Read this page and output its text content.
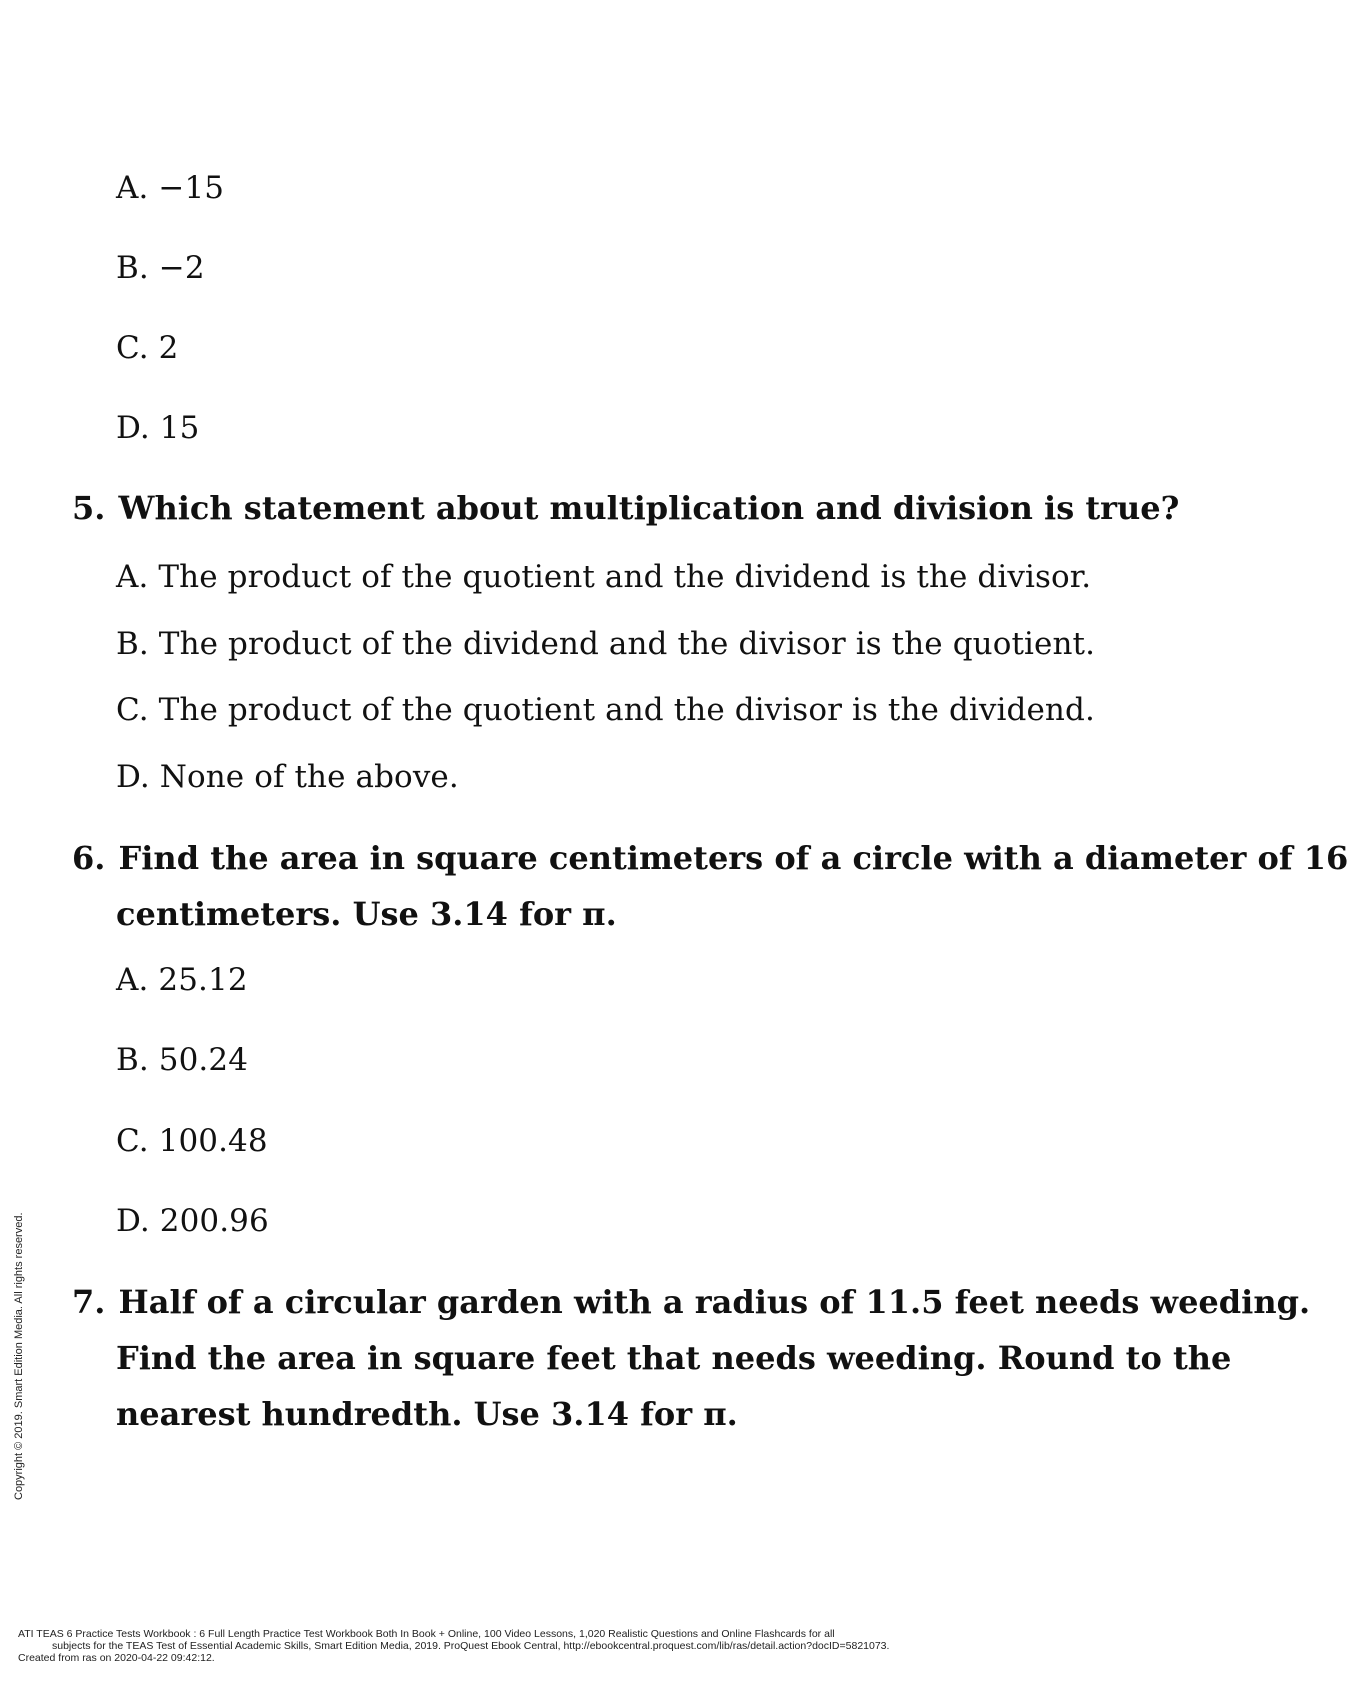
A. −15
B. −2
C. 2
D. 15
5. Which statement about multiplication and division is true?
A. The product of the quotient and the dividend is the divisor.
B. The product of the dividend and the divisor is the quotient.
C. The product of the quotient and the divisor is the dividend.
D. None of the above.
6. Find the area in square centimeters of a circle with a diameter of 16
centimeters. Use 3.14 for π.
A. 25.12
B. 50.24
C. 100.48
D. 200.96
7. Half of a circular garden with a radius of 11.5 feet needs weeding.
Find the area in square feet that needs weeding. Round to the
nearest hundredth. Use 3.14 for π.
Copyright © 2019. Smart Edition Media. All rights reserved.
ATI TEAS 6 Practice Tests Workbook : 6 Full Length Practice Test Workbook Both In Book + Online, 100 Video Lessons, 1,020 Realistic Questions and Online Flashcards for all
subjects for the TEAS Test of Essential Academic Skills, Smart Edition Media, 2019. ProQuest Ebook Central, http://ebookcentral.proquest.com/lib/ras/detail.action?docID=5821073.
Created from ras on 2020-04-22 09:42:12.
